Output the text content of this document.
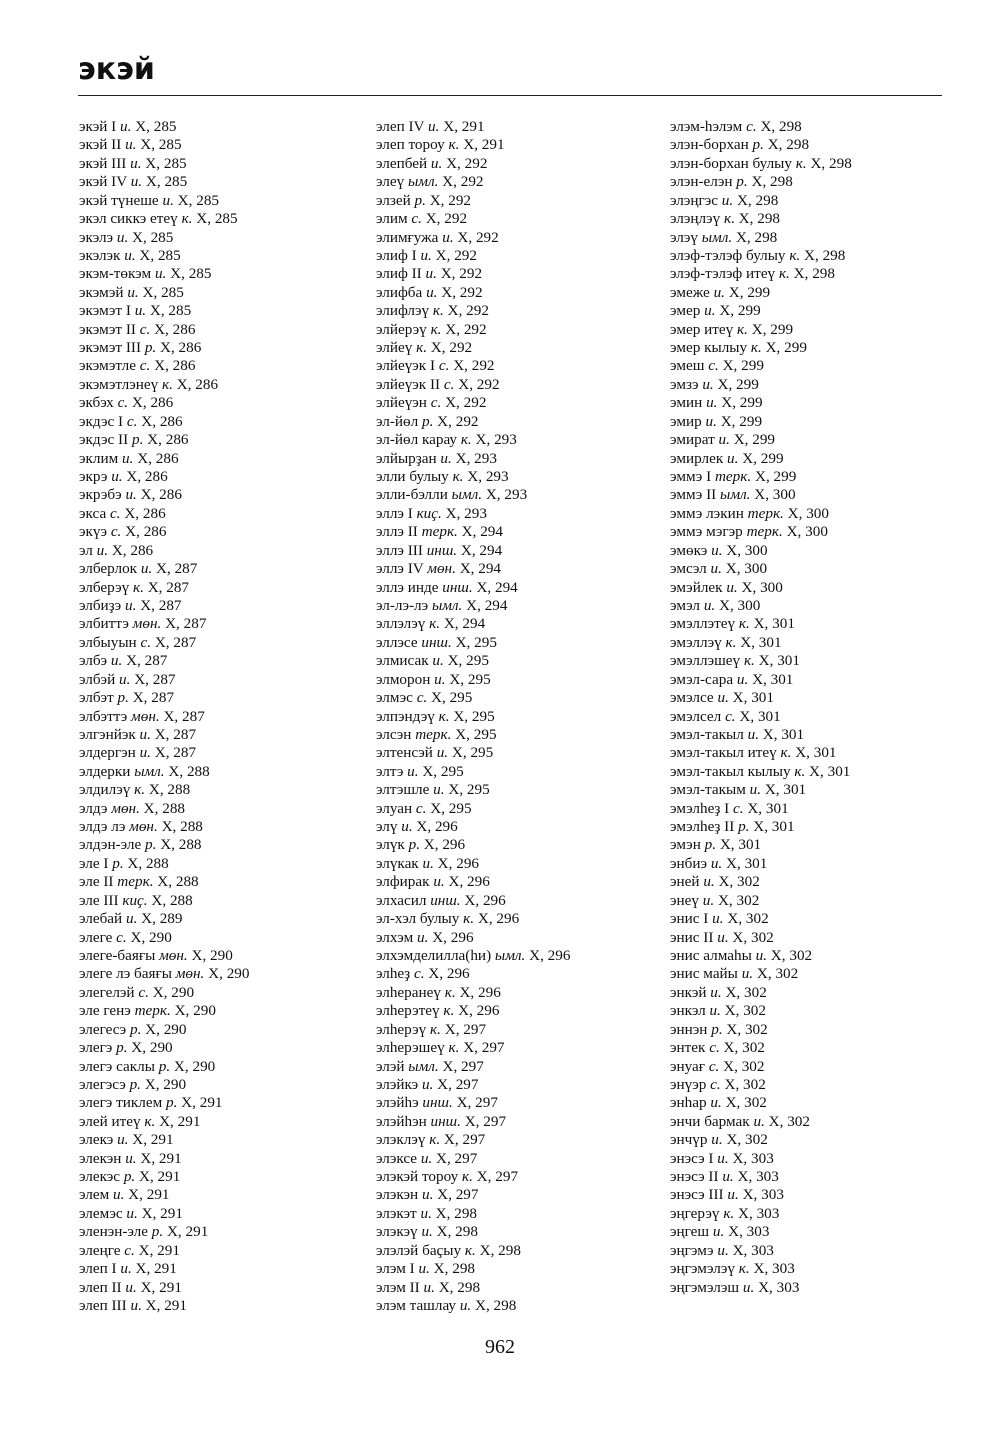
экэй
экэй I и. X, 285
экэй II и. X, 285
экэй III и. X, 285
экэй IV и. X, 285
экэй түнеше и. X, 285
экэл сиккэ етеү к. X, 285
экэлэ и. X, 285
экэлэк и. X, 285
экэм-төкэм и. X, 285
экэмэй и. X, 285
экэмэт I и. X, 285
экэмэт II с. X, 286
экэмэт III р. X, 286
экэмэтле с. X, 286
экэмэтлэнеү к. X, 286
экбэх с. X, 286
экдэс I с. X, 286
экдэс II р. X, 286
эклим и. X, 286
экрэ и. X, 286
экрэбэ и. X, 286
экса с. X, 286
экүэ с. X, 286
эл и. X, 286
элберлок и. X, 287
элберэү к. X, 287
элбиҙэ и. X, 287
элбиттэ мөн. X, 287
элбыуын с. X, 287
элбэ и. X, 287
элбэй и. X, 287
элбэт р. X, 287
элбэттэ мөн. X, 287
элгэнйэк и. X, 287
элдергэн и. X, 287
элдерки ымл. X, 288
элдилэү к. X, 288
элдэ мөн. X, 288
элдэ лэ мөн. X, 288
элдэн-эле р. X, 288
эле I р. X, 288
эле II терк. X, 288
эле III киҫ. X, 288
элебай и. X, 289
элеге с. X, 290
элеге-баяғы мөн. X, 290
элеге лэ баяғы мөн. X, 290
элегелэй с. X, 290
эле генэ терк. X, 290
элегесэ р. X, 290
элегэ р. X, 290
элегэ саклы р. X, 290
элегэсэ р. X, 290
элегэ тиклем р. X, 291
элей итеү к. X, 291
элекэ и. X, 291
элекэн и. X, 291
элекэс р. X, 291
элем и. X, 291
элемэс и. X, 291
эленэн-эле р. X, 291
элеңге с. X, 291
элеп I и. X, 291
элеп II и. X, 291
элеп III и. X, 291
элеп IV и. X, 291
элеп тороу к. X, 291
элепбей и. X, 292
элеү ымл. X, 292
элзей р. X, 292
элим с. X, 292
элимғужа и. X, 292
элиф I и. X, 292
элиф II и. X, 292
элифба и. X, 292
элифлэү к. X, 292
элйерэү к. X, 292
элйеү к. X, 292
элйеүэк I с. X, 292
элйеүэк II с. X, 292
элйеүэн с. X, 292
эл-йөл р. X, 292
эл-йөл карау к. X, 293
элйырҙан и. X, 293
элли булыу к. X, 293
элли-бэлли ымл. X, 293
эллэ I киҫ. X, 293
эллэ II терк. X, 294
эллэ III инш. X, 294
эллэ IV мөн. X, 294
эллэ инде инш. X, 294
эл-лэ-лэ ымл. X, 294
эллэлэү к. X, 294
эллэсе инш. X, 295
элмисак и. X, 295
элморон и. X, 295
элмэс с. X, 295
элпэндэү к. X, 295
элсэн терк. X, 295
элтенсэй и. X, 295
элтэ и. X, 295
элтэшле и. X, 295
элуан с. X, 295
элү и. X, 296
элүк р. X, 296
элүкак и. X, 296
элфирак и. X, 296
элхасил инш. X, 296
эл-хэл булыу к. X, 296
элхэм и. X, 296
элхэмделилла(һи) ымл. X, 296
элһеҙ с. X, 296
элһеранеү к. X, 296
элһерэтеү к. X, 296
элһерэү к. X, 297
элһерэшеү к. X, 297
элэй ымл. X, 297
элэйкэ и. X, 297
элэйһэ инш. X, 297
элэйһэн инш. X, 297
элэклэү к. X, 297
элэксе и. X, 297
элэкэй тороу к. X, 297
элэкэн и. X, 297
элэкэт и. X, 298
элэкэү и. X, 298
элэлэй баҫыу к. X, 298
элэм I и. X, 298
элэм II и. X, 298
элэм ташлау и. X, 298
элэм-һэлэм с. X, 298
элэн-борхан р. X, 298
элэн-борхан булыу к. X, 298
элэн-елэн р. X, 298
элэңгэс и. X, 298
элэңлэү к. X, 298
элэү ымл. X, 298
элэф-тэлэф булыу к. X, 298
элэф-тэлэф итеү к. X, 298
эмеже и. X, 299
эмер и. X, 299
эмер итеү к. X, 299
эмер кылыу к. X, 299
эмеш с. X, 299
эмзэ и. X, 299
эмин и. X, 299
эмир и. X, 299
эмират и. X, 299
эмирлек и. X, 299
эммэ I терк. X, 299
эммэ II ымл. X, 300
эммэ лэкин терк. X, 300
эммэ мэгэр терк. X, 300
эмөкэ и. X, 300
эмсэл и. X, 300
эмэйлек и. X, 300
эмэл и. X, 300
эмэллэтеү к. X, 301
эмэллэү к. X, 301
эмэллэшеү к. X, 301
эмэл-сара и. X, 301
эмэлсе и. X, 301
эмэлсел с. X, 301
эмэл-такыл и. X, 301
эмэл-такыл итеү к. X, 301
эмэл-такыл кылыу к. X, 301
эмэл-такым и. X, 301
эмэлһеҙ I с. X, 301
эмэлһеҙ II р. X, 301
эмэн р. X, 301
энбиэ и. X, 301
эней и. X, 302
энеү и. X, 302
энис I и. X, 302
энис II и. X, 302
энис алмаһы и. X, 302
энис майы и. X, 302
энкэй и. X, 302
энкэл и. X, 302
эннэн р. X, 302
энтек с. X, 302
энуағ с. X, 302
энүэр с. X, 302
энһар и. X, 302
энчи бармак и. X, 302
энчүр и. X, 302
энэсэ I и. X, 303
энэсэ II и. X, 303
энэсэ III и. X, 303
эңгерэү к. X, 303
эңгеш и. X, 303
эңгэмэ и. X, 303
эңгэмэлэү к. X, 303
эңгэмэлэш и. X, 303
962
